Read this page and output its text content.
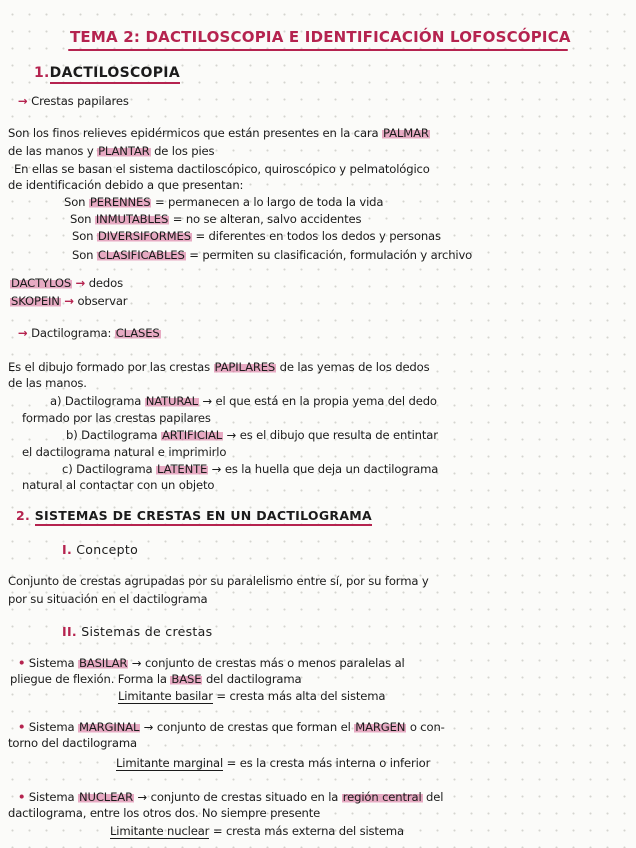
TEMA 2: DACTILOSCOPIA E IDENTIFICACIÓN LOFOSCÓPICA
1.DACTILOSCOPIA
→ Crestas papilares
Son los finos relieves epidérmicos que están presentes en la cara PALMAR
de las manos y PLANTAR de los pies
En ellas se basan el sistema dactiloscópico, quiroscópico y pelmatológico
de identificación debido a que presentan:
Son PERENNES = permanecen a lo largo de toda la vida
Son INMUTABLES = no se alteran, salvo accidentes
Son DIVERSIFORMES = diferentes en todos los dedos y personas
Son CLASIFICABLES = permiten su clasificación, formulación y archivo
DACTYLOS → dedos
SKOPEIN → observar
→ Dactilograma: CLASES
Es el dibujo formado por las crestas PAPILARES de las yemas de los dedos
de las manos.
a) Dactilograma NATURAL → el que está en la propia yema del dedo
formado por las crestas papilares
b) Dactilograma ARTIFICIAL → es el dibujo que resulta de entintar
el dactilograma natural e imprimirlo
c) Dactilograma LATENTE → es la huella que deja un dactilograma
natural al contactar con un objeto
2. SISTEMAS DE CRESTAS EN UN DACTILOGRAMA
I. Concepto
Conjunto de crestas agrupadas por su paralelismo entre sí, por su forma y
por su situación en el dactilograma
II. Sistemas de crestas
• Sistema BASILAR → conjunto de crestas más o menos paralelas al
pliegue de flexión. Forma la BASE del dactilograma
Limitante basilar = cresta más alta del sistema
• Sistema MARGINAL → conjunto de crestas que forman el MARGEN o con-
torno del dactilograma
Limitante marginal = es la cresta más interna o inferior
• Sistema NUCLEAR → conjunto de crestas situado en la región central del
dactilograma, entre los otros dos. No siempre presente
Limitante nuclear = cresta más externa del sistema
